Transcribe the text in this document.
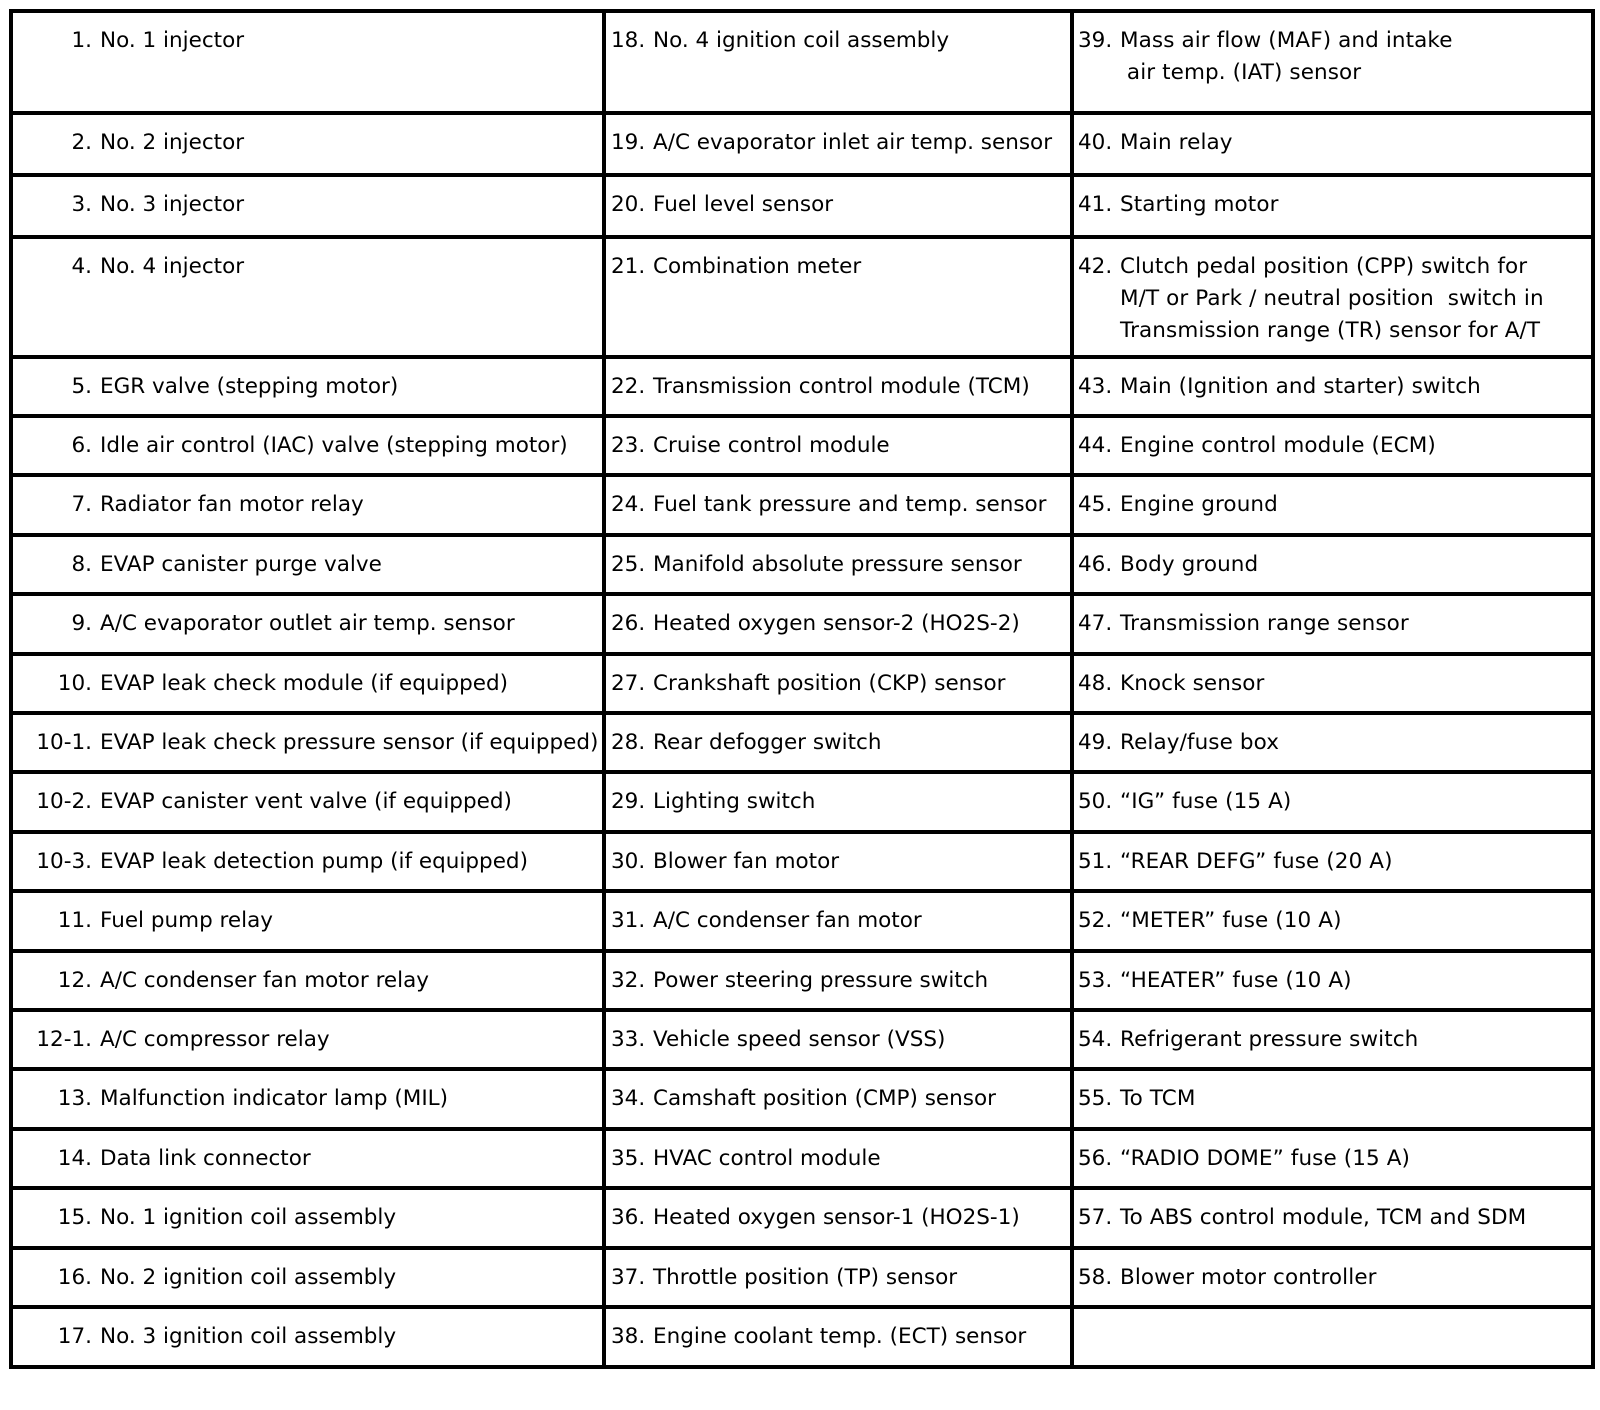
1. No. 1 injector	18. No. 4 ignition coil assembly	39. Mass air flow (MAF) and intake
air temp. (IAT) sensor

2. No. 2 injector	19. A/C evaporator inlet air temp. sensor	40. Main relay

3. No. 3 injector	20. Fuel level sensor	41. Starting motor

4. No. 4 injector	21. Combination meter	42. Clutch pedal position (CPP) switch for
M/T or Park / neutral position  switch in
Transmission range (TR) sensor for A/T

5. EGR valve (stepping motor)	22. Transmission control module (TCM)	43. Main (Ignition and starter) switch

6. Idle air control (IAC) valve (stepping motor)	23. Cruise control module	44. Engine control module (ECM)

7. Radiator fan motor relay	24. Fuel tank pressure and temp. sensor	45. Engine ground

8. EVAP canister purge valve	25. Manifold absolute pressure sensor	46. Body ground

9. A/C evaporator outlet air temp. sensor	26. Heated oxygen sensor-2 (HO2S-2)	47. Transmission range sensor

10. EVAP leak check module (if equipped)	27. Crankshaft position (CKP) sensor	48. Knock sensor

10-1. EVAP leak check pressure sensor (if equipped)	28. Rear defogger switch	49. Relay/fuse box

10-2. EVAP canister vent valve (if equipped)	29. Lighting switch	50. “IG” fuse (15 A)

10-3. EVAP leak detection pump (if equipped)	30. Blower fan motor	51. “REAR DEFG” fuse (20 A)

11. Fuel pump relay	31. A/C condenser fan motor	52. “METER” fuse (10 A)

12. A/C condenser fan motor relay	32. Power steering pressure switch	53. “HEATER” fuse (10 A)

12-1. A/C compressor relay	33. Vehicle speed sensor (VSS)	54. Refrigerant pressure switch

13. Malfunction indicator lamp (MIL)	34. Camshaft position (CMP) sensor	55. To TCM

14. Data link connector	35. HVAC control module	56. “RADIO DOME” fuse (15 A)

15. No. 1 ignition coil assembly	36. Heated oxygen sensor-1 (HO2S-1)	57. To ABS control module, TCM and SDM

16. No. 2 ignition coil assembly	37. Throttle position (TP) sensor	58. Blower motor controller

17. No. 3 ignition coil assembly	38. Engine coolant temp. (ECT) sensor	
